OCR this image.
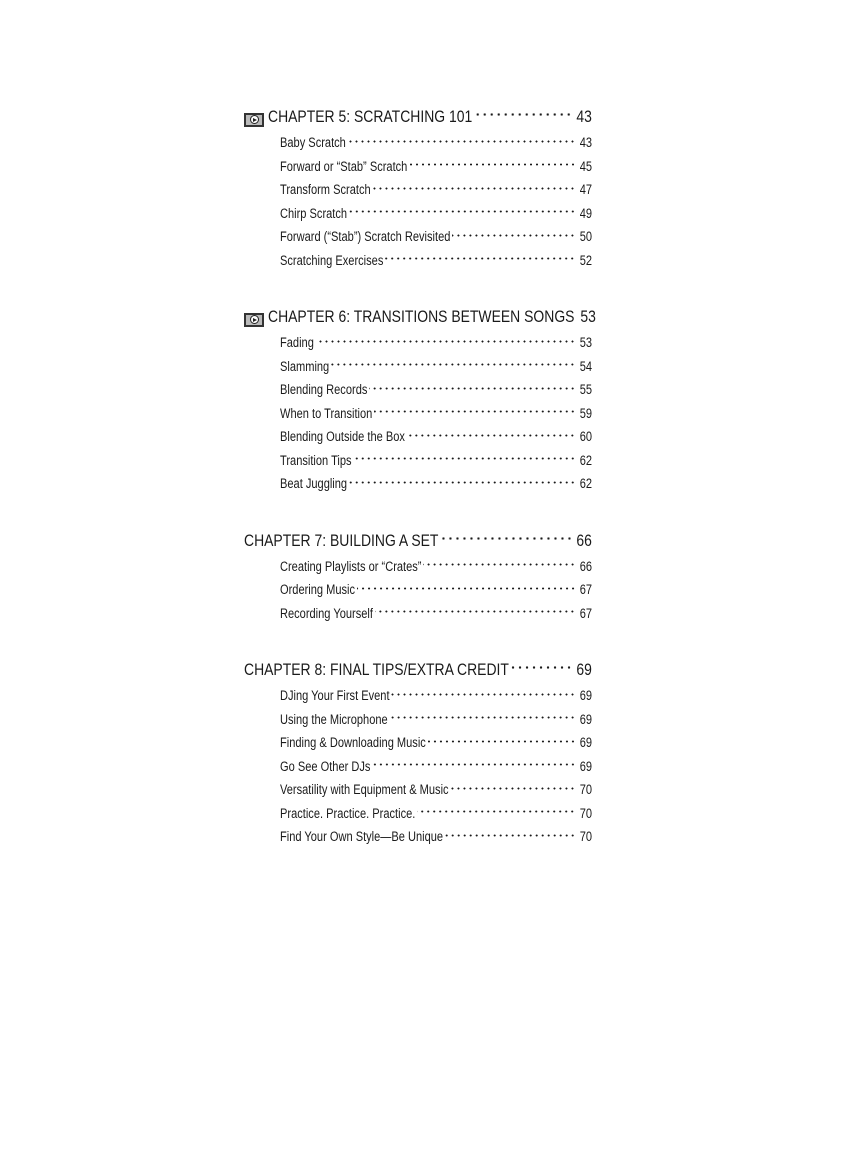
CHAPTER 5: SCRATCHING 101	43
Baby Scratch	43
Forward or “Stab” Scratch	45
Transform Scratch	47
Chirp Scratch	49
Forward (“Stab”) Scratch Revisited	50
Scratching Exercises	52
CHAPTER 6: TRANSITIONS BETWEEN SONGS 53
Fading	53
Slamming	54
Blending Records	55
When to Transition	59
Blending Outside the Box	60
Transition Tips	62
Beat Juggling	62
CHAPTER 7: BUILDING A SET	66
Creating Playlists or “Crates”	66
Ordering Music	67
Recording Yourself	67
CHAPTER 8: FINAL TIPS/EXTRA CREDIT	69
DJing Your First Event	69
Using the Microphone	69
Finding & Downloading Music	69
Go See Other DJs	69
Versatility with Equipment & Music	70
Practice. Practice. Practice.	70
Find Your Own Style—Be Unique	70
